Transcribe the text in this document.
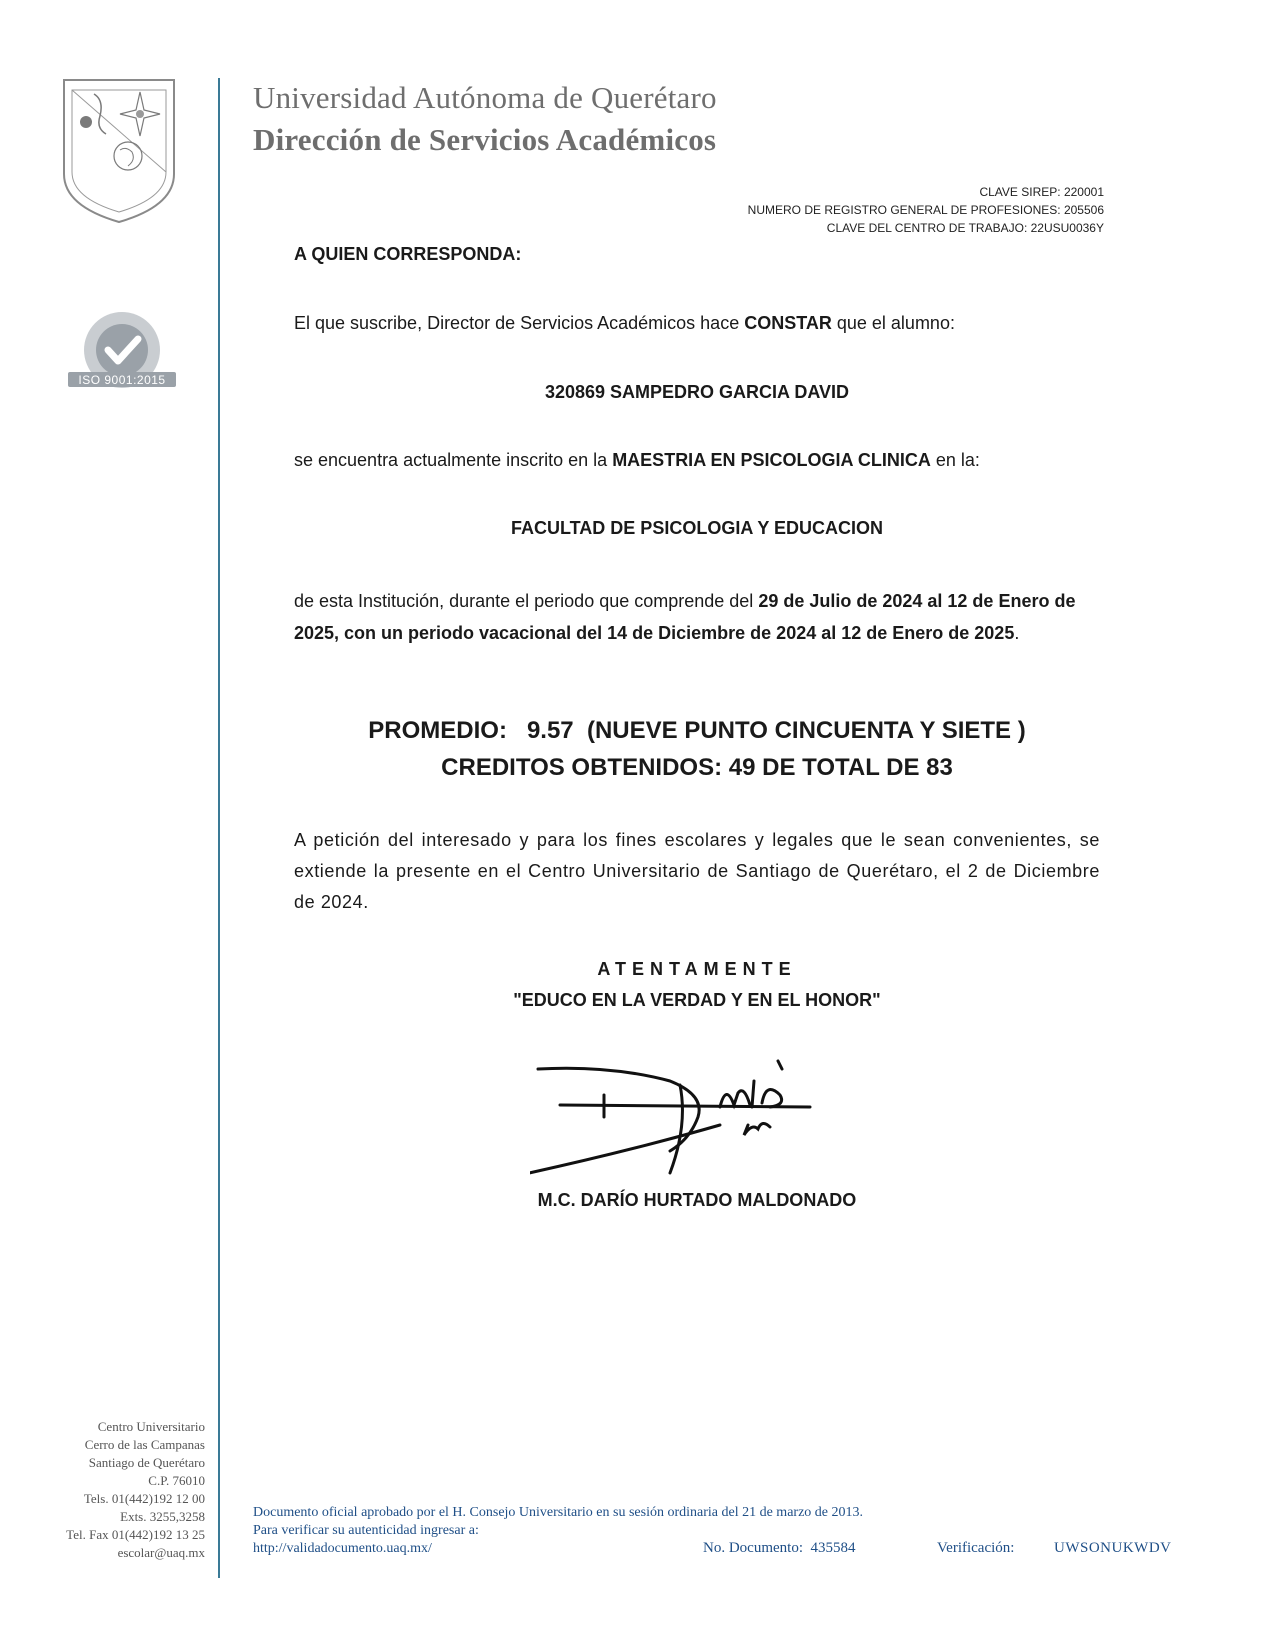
ISO 9001:2015
Universidad Autónoma de Querétaro
Dirección de Servicios Académicos
CLAVE SIREP: 220001
NUMERO DE REGISTRO GENERAL DE PROFESIONES: 205506
CLAVE DEL CENTRO DE TRABAJO: 22USU0036Y
A QUIEN CORRESPONDA:
El que suscribe, Director de Servicios Académicos hace CONSTAR que el alumno:
320869 SAMPEDRO GARCIA DAVID
se encuentra actualmente inscrito en la MAESTRIA EN PSICOLOGIA CLINICA en la:
FACULTAD DE PSICOLOGIA Y EDUCACION
de esta Institución, durante el periodo que comprende del 29 de Julio de 2024 al 12 de Enero de 2025, con un periodo vacacional del 14 de Diciembre de 2024 al 12 de Enero de 2025.
PROMEDIO:   9.57  (NUEVE PUNTO CINCUENTA Y SIETE )
CREDITOS OBTENIDOS: 49 DE TOTAL DE 83
A petición del interesado y para los fines escolares y legales que le sean convenientes, se extiende la presente en el Centro Universitario de Santiago de Querétaro, el 2 de Diciembre de 2024.
ATENTAMENTE
"EDUCO EN LA VERDAD Y EN EL HONOR"
M.C. DARÍO HURTADO MALDONADO
Centro Universitario
Cerro de las Campanas
Santiago de Querétaro
C.P. 76010
Tels. 01(442)192 12 00
Exts. 3255,3258
Tel. Fax 01(442)192 13 25
escolar@uaq.mx
Documento oficial aprobado por el H. Consejo Universitario en su sesión ordinaria del 21 de marzo de 2013.
Para verificar su autenticidad ingresar a:
http://validadocumento.uaq.mx/	No. Documento:  435584	Verificación:	UWSONUKWDV
